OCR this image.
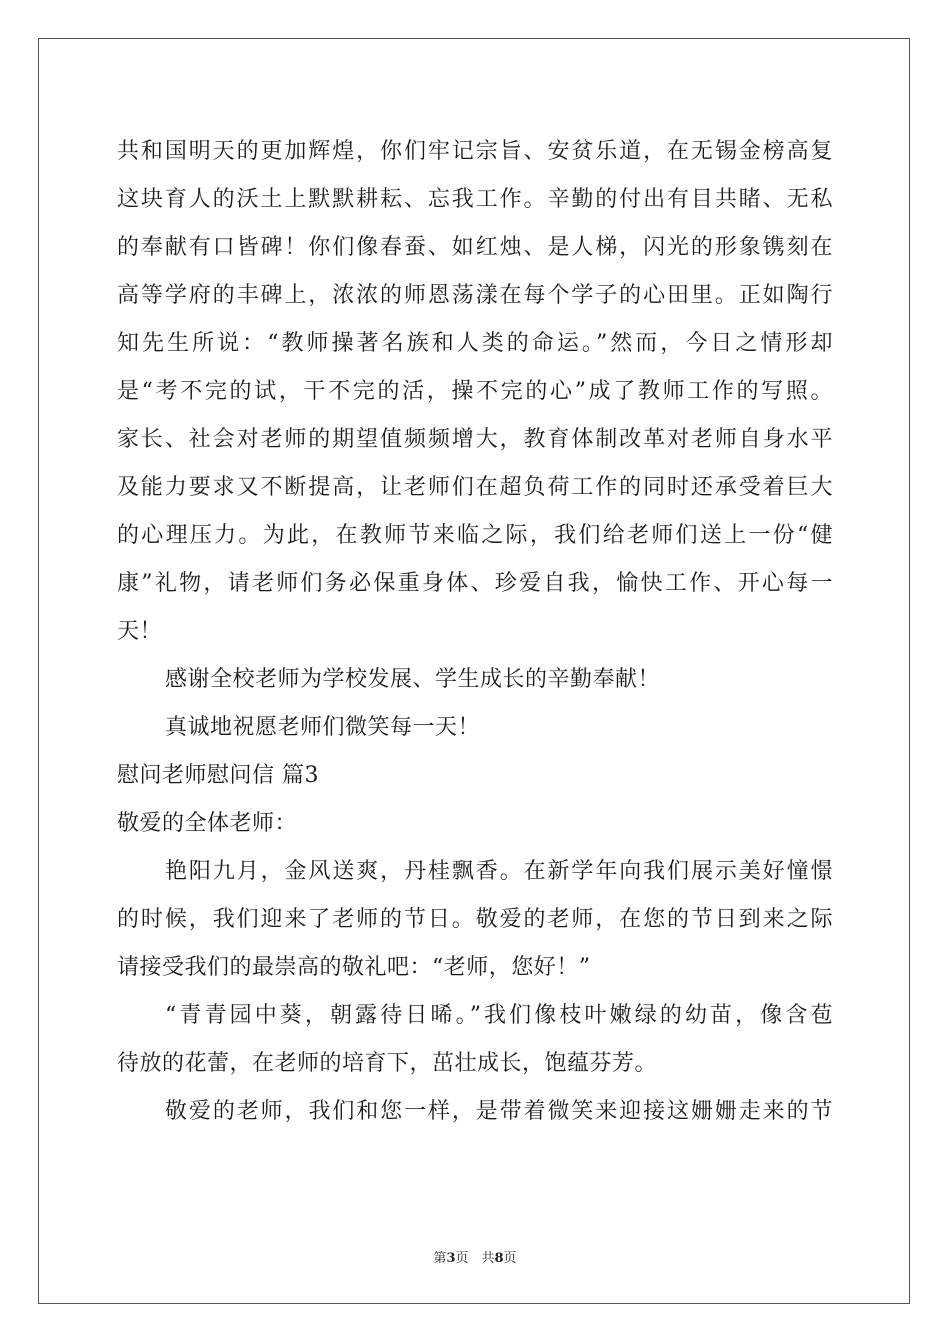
共和国明天的更加辉煌，你们牢记宗旨、安贫乐道，在无锡金榜高复
这块育人的沃土上默默耕耘、忘我工作。辛勤的付出有目共睹、无私
的奉献有口皆碑！你们像春蚕、如红烛、是人梯，闪光的形象镌刻在
高等学府的丰碑上，浓浓的师恩荡漾在每个学子的心田里。正如陶行
知先生所说：“教师操著名族和人类的命运。”然而，今日之情形却
是“考不完的试，干不完的活，操不完的心”成了教师工作的写照。
家长、社会对老师的期望值频频增大，教育体制改革对老师自身水平
及能力要求又不断提高，让老师们在超负荷工作的同时还承受着巨大
的心理压力。为此，在教师节来临之际，我们给老师们送上一份“健
康”礼物，请老师们务必保重身体、珍爱自我，愉快工作、开心每一
天！
感谢全校老师为学校发展、学生成长的辛勤奉献！
真诚地祝愿老师们微笑每一天！
慰问老师慰问信 篇3
敬爱的全体老师：
艳阳九月，金风送爽，丹桂飘香。在新学年向我们展示美好憧憬
的时候，我们迎来了老师的节日。敬爱的老师，在您的节日到来之际
请接受我们的最崇高的敬礼吧：“老师，您好！”
“青青园中葵，朝露待日晞。”我们像枝叶嫩绿的幼苗，像含苞
待放的花蕾，在老师的培育下，茁壮成长，饱蕴芬芳。
敬爱的老师，我们和您一样，是带着微笑来迎接这姗姗走来的节
第3页　共8页
